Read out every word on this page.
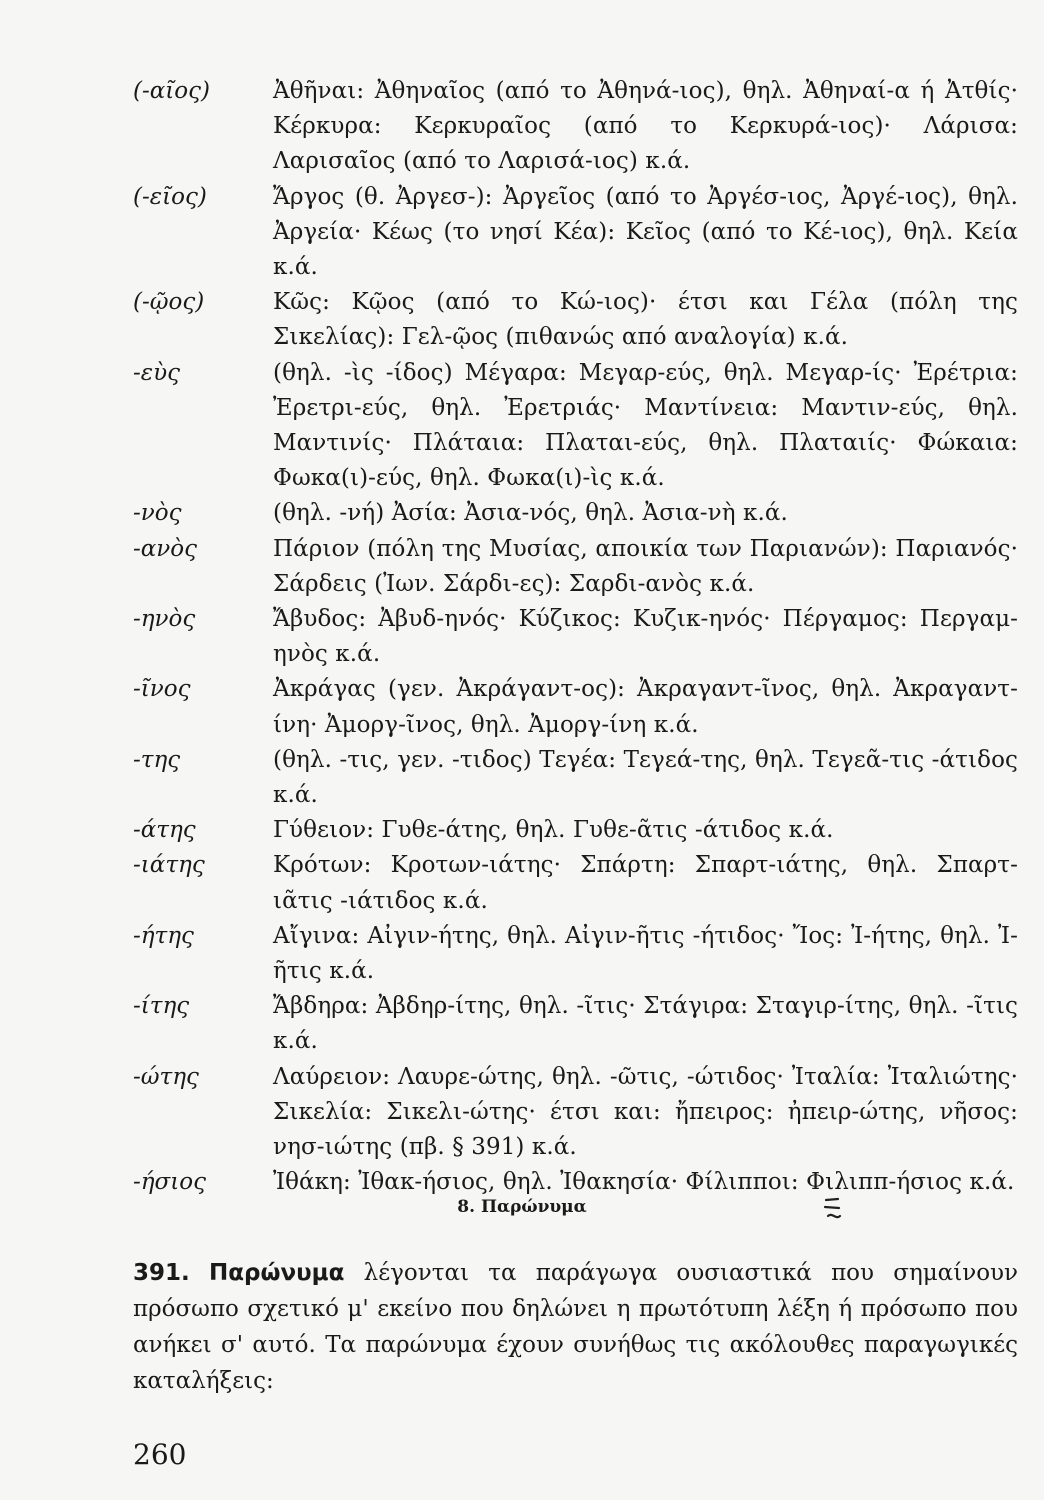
(-αῖος)	Ἀθῆναι: Ἀθηναῖος (από το Ἀθηνά-ιος), θηλ. Ἀθηναί-α ή Ἀτθίς· Κέρκυρα: Κερκυραῖος (από το Κερκυρά-ιος)· Λάρισα: Λαρισαῖος (από το Λαρισά-ιος) κ.ά.
(-εῖος)	Ἄργος (θ. Ἀργεσ-): Ἀργεῖος (από το Ἀργέσ-ιος, Ἀργέ-ιος), θηλ. Ἀργεία· Κέως (το νησί Κέα): Κεῖος (από το Κέ-ιος), θηλ. Κεία κ.ά.
(-ῷος)	Κῶς: Κῷος (από το Κώ-ιος)· έτσι και Γέλα (πόλη της Σικελίας): Γελ-ῷος (πιθανώς από αναλογία) κ.ά.
-εὺς	(θηλ. -ὶς -ίδος) Μέγαρα: Μεγαρ-εύς, θηλ. Μεγαρ-ίς· Ἐρέτρια: Ἐρετρι-εύς, θηλ. Ἐρετριάς· Μαντίνεια: Μαντιν-εύς, θηλ. Μαντινίς· Πλάταια: Πλαται-εύς, θηλ. Πλαταιίς· Φώκαια: Φωκα(ι)-εύς, θηλ. Φωκα(ι)-ὶς κ.ά.
-νὸς	(θηλ. -νή) Ἀσία: Ἀσια-νός, θηλ. Ἀσια-νὴ κ.ά.
-ανὸς	Πάριον (πόλη της Μυσίας, αποικία των Παριανών): Παριανός· Σάρδεις (Ἰων. Σάρδι-ες): Σαρδι-ανὸς κ.ά.
-ηνὸς	Ἄβυδος: Ἀβυδ-ηνός· Κύζικος: Κυζικ-ηνός· Πέργαμος: Περγαμ-ηνὸς κ.ά.
-ῖνος	Ἀκράγας (γεν. Ἀκράγαντ-ος): Ἀκραγαντ-ῖνος, θηλ. Ἀκραγαντ-ίνη· Ἀμοργ-ῖνος, θηλ. Ἀμοργ-ίνη κ.ά.
-της	(θηλ. -τις, γεν. -τιδος) Τεγέα: Τεγεά-της, θηλ. Τεγεᾶ-τις -άτιδος κ.ά.
-άτης	Γύθειον: Γυθε-άτης, θηλ. Γυθε-ᾶτις -άτιδος κ.ά.
-ιάτης	Κρότων: Κροτων-ιάτης· Σπάρτη: Σπαρτ-ιάτης, θηλ. Σπαρτ-ιᾶτις -ιάτιδος κ.ά.
-ήτης	Αἴγινα: Αἰγιν-ήτης, θηλ. Αἰγιν-ῆτις -ήτιδος· Ἴος: Ἰ-ήτης, θηλ. Ἰ-ῆτις κ.ά.
-ίτης	Ἄβδηρα: Ἀβδηρ-ίτης, θηλ. -ῖτις· Στάγιρα: Σταγιρ-ίτης, θηλ. -ῖτις κ.ά.
-ώτης	Λαύρειον: Λαυρε-ώτης, θηλ. -ῶτις, -ώτιδος· Ἰταλία: Ἰταλιώτης· Σικελία: Σικελι-ώτης· έτσι και: ἤπειρος: ἠπειρ-ώτης, νῆσος: νησ-ιώτης (πβ. § 391) κ.ά.
-ήσιος	Ἰθάκη: Ἰθακ-ήσιος, θηλ. Ἰθακησία· Φίλιπποι: Φιλιππ-ήσιος κ.ά.
8. Παρώνυμα
391. Παρώνυμα λέγονται τα παράγωγα ουσιαστικά που σημαίνουν πρόσωπο σχετικό μ' εκείνο που δηλώνει η πρωτότυπη λέξη ή πρόσωπο που ανήκει σ' αυτό. Τα παρώνυμα έχουν συνήθως τις ακόλουθες παραγωγικές καταλήξεις:
260
